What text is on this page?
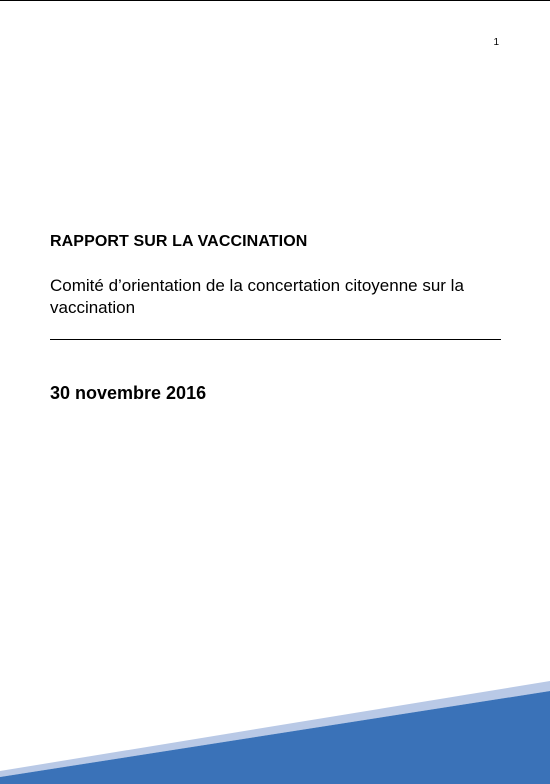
1
RAPPORT SUR LA VACCINATION

Comité d’orientation de la concertation citoyenne sur la vaccination

30 novembre 2016
